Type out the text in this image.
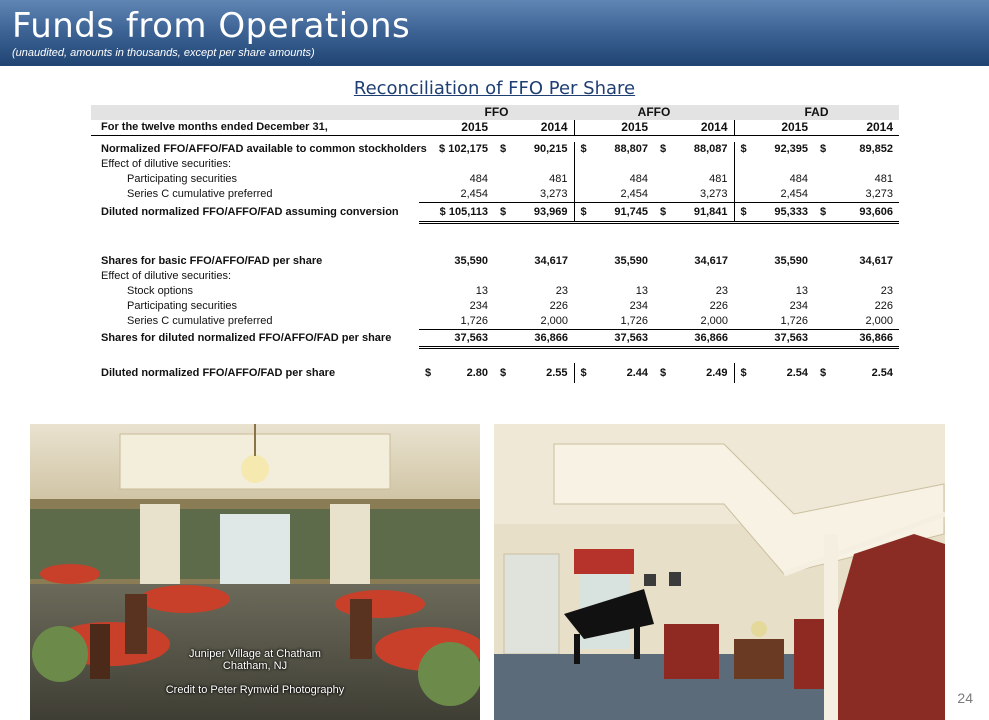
Funds from Operations
(unaudited, amounts in thousands, except per share amounts)
Reconciliation of FFO Per Share
	FFO		AFFO		FAD	
For the twelve months ended December 31,	2015	2014	2015	2014	2015	2014

Normalized FFO/AFFO/FAD available to common stockholders	$ 102,175	$ 90,215	$ 88,807	$ 88,087	$ 92,395	$ 89,852

Effect of dilutive securities:						
Participating securities	484	481	484	481	484	481
Series C cumulative preferred	2,454	3,273	2,454	3,273	2,454	3,273
Diluted normalized FFO/AFFO/FAD assuming conversion	$ 105,113	$ 93,969	$ 91,745	$ 91,841	$ 95,333	$ 93,606

Shares for basic FFO/AFFO/FAD per share	35,590	34,617	35,590	34,617	35,590	34,617
Effect of dilutive securities:						
Stock options	13	23	13	23	13	23
Participating securities	234	226	234	226	234	226
Series C cumulative preferred	1,726	2,000	1,726	2,000	1,726	2,000
Shares for diluted normalized FFO/AFFO/FAD per share	37,563	36,866	37,563	36,866	37,563	36,866

Diluted normalized FFO/AFFO/FAD per share	$ 2.80	$ 2.55	$ 2.44	$ 2.49	$ 2.54	$ 2.54
Juniper Village at Chatham
Chatham, NJ
Credit to Peter Rymwid Photography	24
